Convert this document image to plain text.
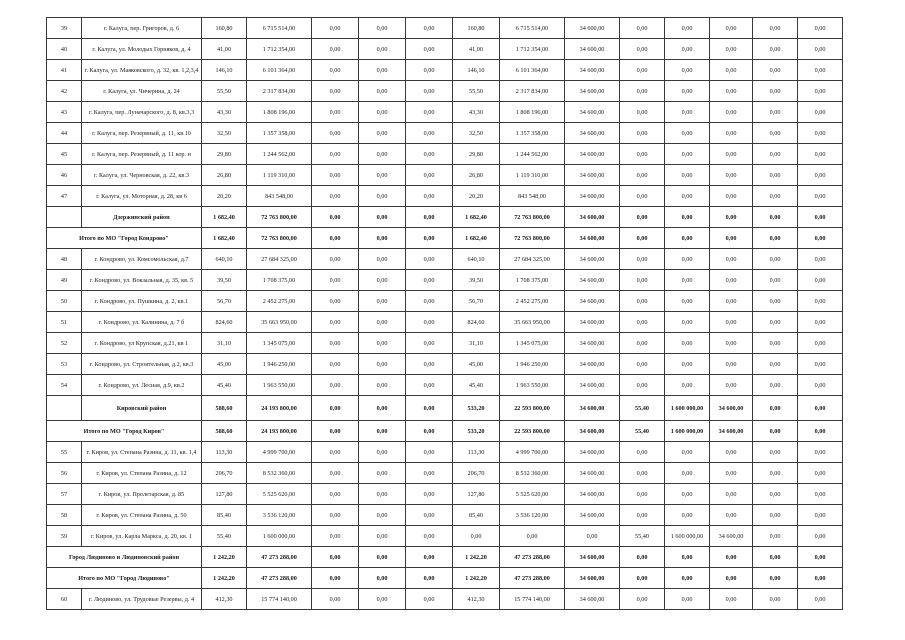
39	г. Калуга, пер. Григоров, д. 6	160,80	6 715 514,00	0,00	0,00	0,00	160,80	6 715 514,00	34 600,00	0,00	0,00	0,00	0,00	0,00
40	г. Калуга, ул. Молодых Горняков, д. 4	41,00	1 712 354,00	0,00	0,00	0,00	41,00	1 712 354,00	34 600,00	0,00	0,00	0,00	0,00	0,00
41	г. Калуга, ул. Маяковского, д. 32, кв. 1,2,3,4	146,10	6 101 364,00	0,00	0,00	0,00	146,10	6 101 364,00	34 600,00	0,00	0,00	0,00	0,00	0,00
42	г. Калуга, ул. Чичерина, д. 24	55,50	2 317 834,00	0,00	0,00	0,00	55,50	2 317 834,00	34 600,00	0,00	0,00	0,00	0,00	0,00
43	г. Калуга, пер. Луначарского, д. 8, кв.3,3	43,30	1 808 196,00	0,00	0,00	0,00	43,30	1 808 196,00	34 600,00	0,00	0,00	0,00	0,00	0,00
44	г. Калуга, пер. Резервный, д. 11, кв.10	32,50	1 357 358,00	0,00	0,00	0,00	32,50	1 357 358,00	34 600,00	0,00	0,00	0,00	0,00	0,00
45	г. Калуга, пер. Резервный, д. 11 кор. н	29,80	1 244 562,00	0,00	0,00	0,00	29,80	1 244 562,00	34 600,00	0,00	0,00	0,00	0,00	0,00
46	г. Калуга, ул. Черновская, д. 22, кв.3	26,80	1 119 310,00	0,00	0,00	0,00	26,80	1 119 310,00	34 600,00	0,00	0,00	0,00	0,00	0,00
47	г. Калуга, ул. Моторная, д. 28, кв 6	20,20	843 548,00	0,00	0,00	0,00	20,20	843 548,00	34 600,00	0,00	0,00	0,00	0,00	0,00
	Дзержинский район	1 682,40	72 763 800,00	0,00	0,00	0,00	1 682,40	72 763 800,00	34 600,00	0,00	0,00	0,00	0,00	0,00
Итого по МО "Город Кондрово"		1 682,40	72 763 800,00	0,00	0,00	0,00	1 682,40	72 763 800,00	34 600,00	0,00	0,00	0,00	0,00	0,00
48	г. Кондрово, ул. Комсомольская, д.7	640,10	27 684 325,00	0,00	0,00	0,00	640,10	27 684 325,00	34 600,00	0,00	0,00	0,00	0,00	0,00
49	г. Кондрово, ул. Вокзальная, д. 35, кв. 5	39,50	1 708 375,00	0,00	0,00	0,00	39,50	1 708 375,00	34 600,00	0,00	0,00	0,00	0,00	0,00
50	г. Кондрово, ул. Пушкина, д. 2, кв.1	56,70	2 452 275,00	0,00	0,00	0,00	56,70	2 452 275,00	34 600,00	0,00	0,00	0,00	0,00	0,00
51	г. Кондрово, ул. Калинина, д. 7 б	824,60	35 663 950,00	0,00	0,00	0,00	824,60	35 663 950,00	34 600,00	0,00	0,00	0,00	0,00	0,00
52	г. Кондрово, ул Крупская, д.21, кв 1	31,10	1 345 075,00	0,00	0,00	0,00	31,10	1 345 075,00	34 600,00	0,00	0,00	0,00	0,00	0,00
53	г. Кондрово, ул. Строительная, д.2, кв.3	45,00	1 946 250,00	0,00	0,00	0,00	45,00	1 946 250,00	34 600,00	0,00	0,00	0,00	0,00	0,00
54	г. Кондрово, ул. Лесная, д.9, кв.2	45,40	1 963 550,00	0,00	0,00	0,00	45,40	1 963 550,00	34 600,00	0,00	0,00	0,00	0,00	0,00
	Кировский район	588,60	24 193 800,00	0,00	0,00	0,00	533,20	22 593 800,00	34 600,00	55,40	1 600 000,00	34 600,00	0,00	0,00
Итого по МО "Город Киров"		588,60	24 193 800,00	0,00	0,00	0,00	533,20	22 593 800,00	34 600,00	55,40	1 600 000,00	34 600,00	0,00	0,00
55	г. Киров, ул. Степана Разина, д. 11, кв. 1,4	113,30	4 999 700,00	0,00	0,00	0,00	113,30	4 999 700,00	34 600,00	0,00	0,00	0,00	0,00	0,00
56	г. Киров, ул. Степана Разина, д. 12	206,70	8 532 360,00	0,00	0,00	0,00	206,70	8 532 360,00	34 600,00	0,00	0,00	0,00	0,00	0,00
57	г. Киров, ул. Пролетарская, д. 85	127,80	5 525 620,00	0,00	0,00	0,00	127,80	5 525 620,00	34 600,00	0,00	0,00	0,00	0,00	0,00
58	г. Киров, ул. Степана Разина, д. 50	85,40	3 536 120,00	0,00	0,00	0,00	85,40	3 536 120,00	34 600,00	0,00	0,00	0,00	0,00	0,00
59	г. Киров, ул. Карла Маркса, д. 20, кв. 1	55,40	1 600 000,00	0,00	0,00	0,00	0,00	0,00	0,00	55,40	1 600 000,00	34 600,00	0,00	0,00
Город Людиново и Людиновский район		1 242,20	47 273 288,00	0,00	0,00	0,00	1 242,20	47 273 288,00	34 600,00	0,00	0,00	0,00	0,00	0,00
Итого по МО "Город Людиново"		1 242,20	47 273 288,00	0,00	0,00	0,00	1 242,20	47 273 288,00	34 600,00	0,00	0,00	0,00	0,00	0,00
60	г. Людиново, ул. Трудовые Резервы, д. 4	412,30	15 774 140,00	0,00	0,00	0,00	412,30	15 774 140,00	34 600,00	0,00	0,00	0,00	0,00	0,00
